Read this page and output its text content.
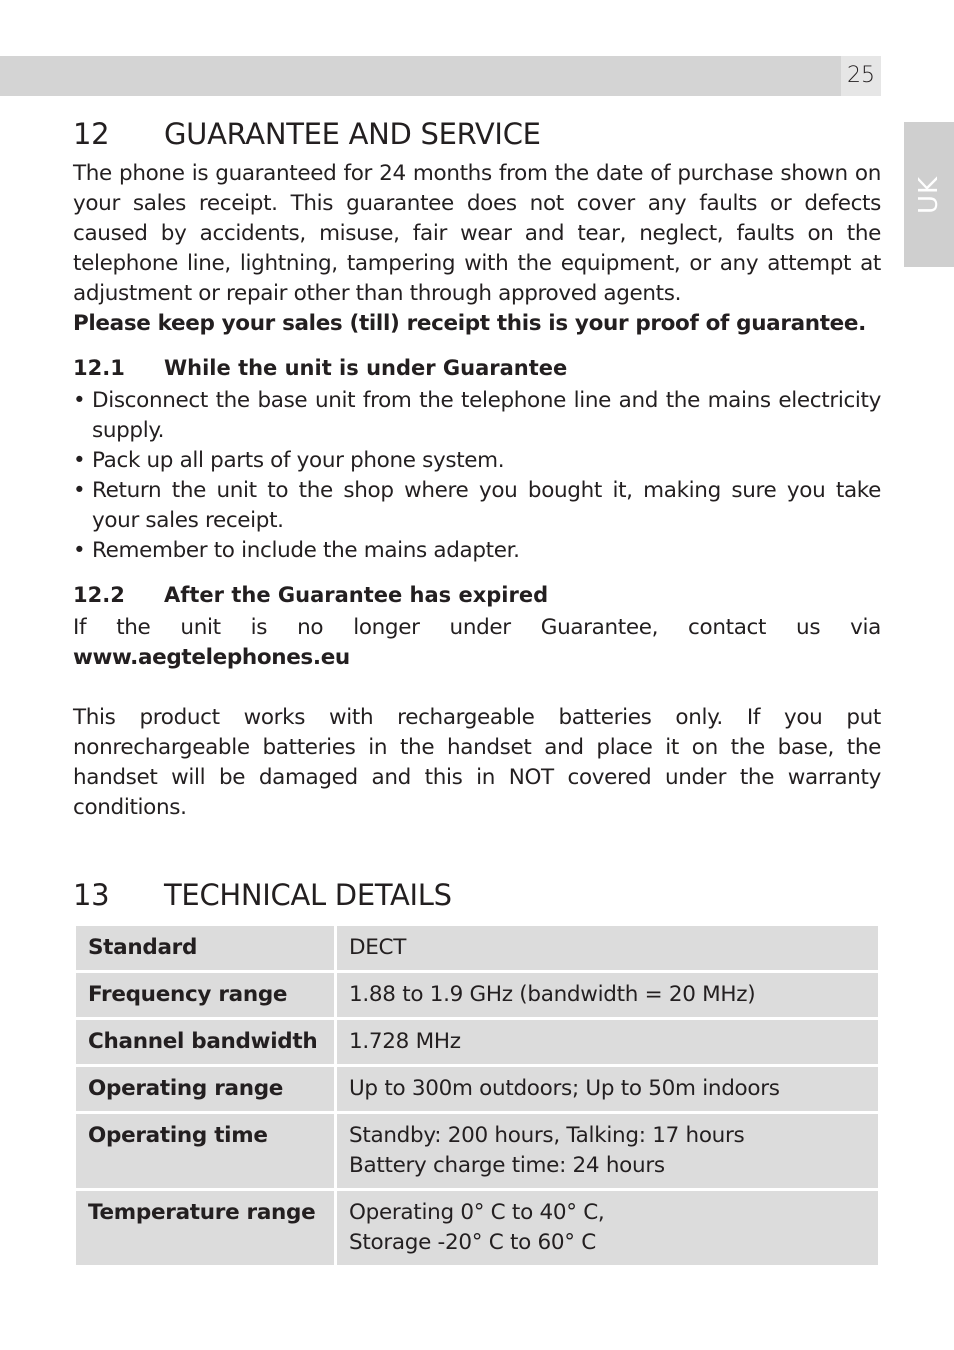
25
UK
12 GUARANTEE AND SERVICE

The phone is guaranteed for 24 months from the date of purchase shown on your sales receipt. This guarantee does not cover any faults or defects caused by accidents, misuse, fair wear and tear, neglect, faults on the telephone line, lightning, tampering with the equipment, or any attempt at adjustment or repair other than through approved agents.

Please keep your sales (till) receipt this is your proof of guarantee.

12.1 While the unit is under Guarantee
• Disconnect the base unit from the telephone line and the mains electricity supply.
• Pack up all parts of your phone system.
• Return the unit to the shop where you bought it, making sure you take your sales receipt.
• Remember to include the mains adapter.
12.2 After the Guarantee has expired

If the unit is no longer under Guarantee, contact us via www.aegtelephones.eu

This product works with rechargeable batteries only. If you put nonrechargeable batteries in the handset and place it on the base, the handset will be damaged and this in NOT covered under the warranty conditions.

13 TECHNICAL DETAILS
Standard	DECT

Frequency range	1.88 to 1.9 GHz (bandwidth = 20 MHz)

Channel bandwidth	1.728 MHz

Operating range	Up to 300m outdoors; Up to 50m indoors

Operating time	Standby: 200 hours, Talking: 17 hours
Battery charge time: 24 hours

Temperature range	Operating 0° C to 40° C,
Storage -20° C to 60° C
